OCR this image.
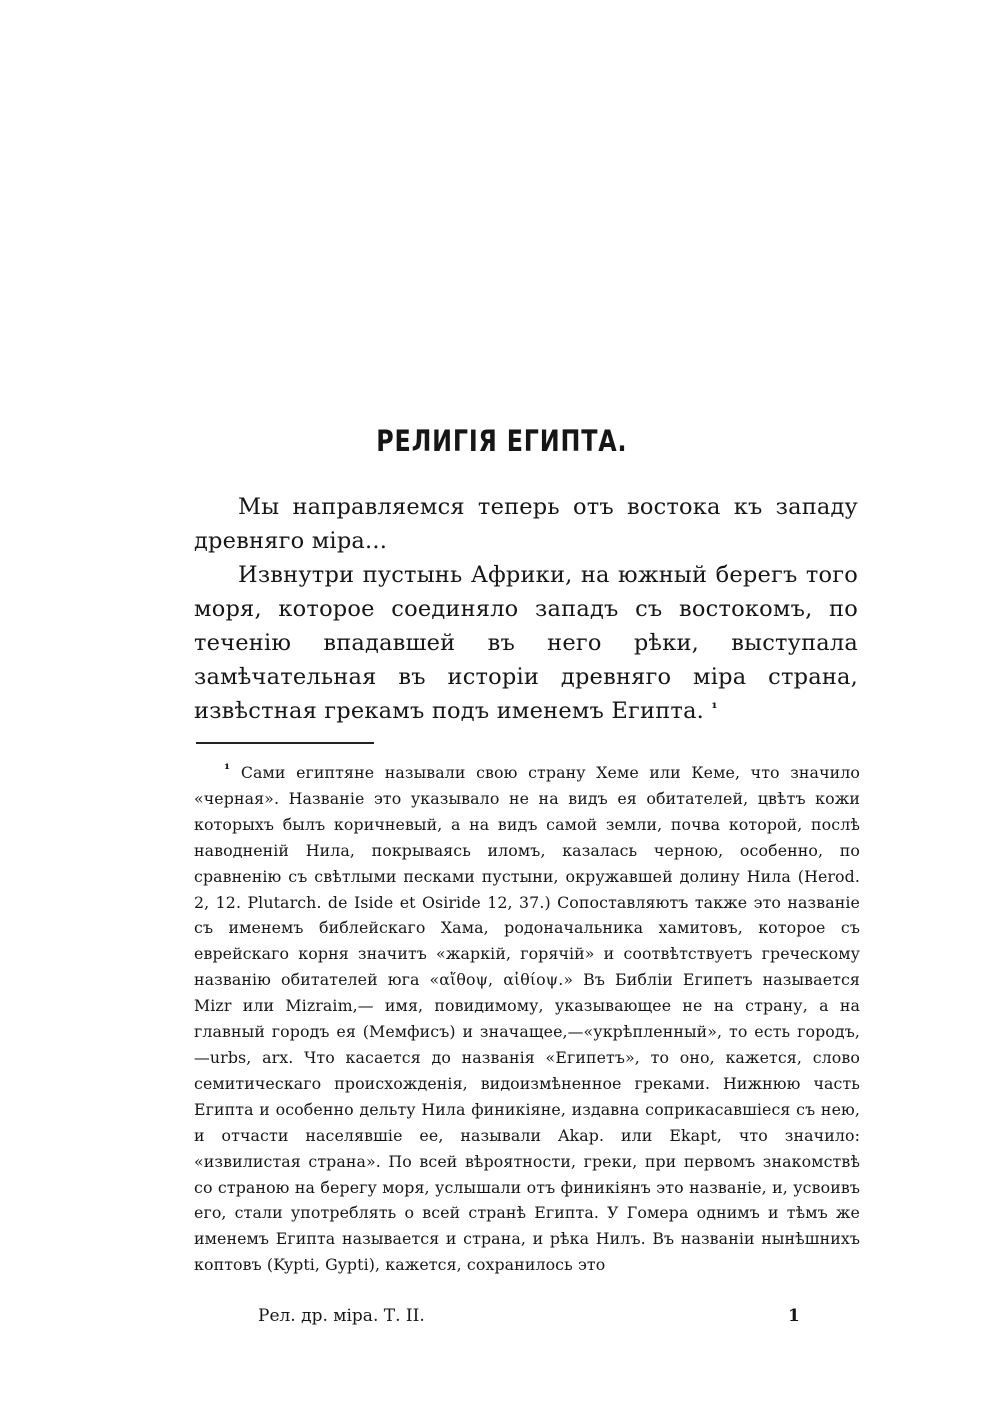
РЕЛИГІЯ ЕГИПТА.

Мы направляемся теперь отъ востока къ западу древняго міра...

Извнутри пустынь Африки, на южный берегъ того моря, которое соединяло западъ съ востокомъ, по теченію впадавшей въ него рѣки, выступала замѣчательная въ исторіи древняго міра страна, извѣстная грекамъ подъ именемъ Египта. $^{^1}$

¹ Сами египтяне называли свою страну Хеме или Кеме, что значило «черная». Названіе это указывало не на видъ ея обитателей, цвѣтъ кожи которыхъ былъ коричневый, а на видъ самой земли, почва которой, послѣ наводненій Нила, покрываясь иломъ, казалась черною, особенно, по сравненію съ свѣтлыми песками пустыни, окружавшей долину Нила (Herod. 2, 12. Plutarch. de Iside et Osiride 12, 37.) Сопоставляютъ также это названіе съ именемъ библейскаго Хама, родоначальника хамитовъ, которое съ еврейскаго корня значитъ «жаркій, горячій» и соотвѣтствуетъ греческому названію обитателей юга «αἴθοψ, αἰθίοψ.» Въ Библіи Египетъ называется Mizr или Mizraim,— имя, повидимому, указывающее не на страну, а на главный городъ ея (Мемфисъ) и значащее,—«укрѣпленный», то есть городъ,—urbs, arx. Что касается до названія «Египетъ», то оно, кажется, слово семитическаго происхожденія, видоизмѣненное греками. Нижнюю часть Египта и особенно дельту Нила финикіяне, издавна соприкасавшіеся съ нею, и отчасти населявшіе ее, называли Akap. или Ekapt, что значило: «извилистая страна». По всей вѣроятности, греки, при первомъ знакомствѣ со страною на берегу моря, услышали отъ финикіянъ это названіе, и, усвоивъ его, стали употреблять о всей странѣ Египта. У Гомера однимъ и тѣмъ же именемъ Египта называется и страна, и рѣка Нилъ. Въ названіи нынѣшнихъ коптовъ (Kypti, Gypti), кажется, сохранилось это
Рел. др. міра. Т. II.	1
